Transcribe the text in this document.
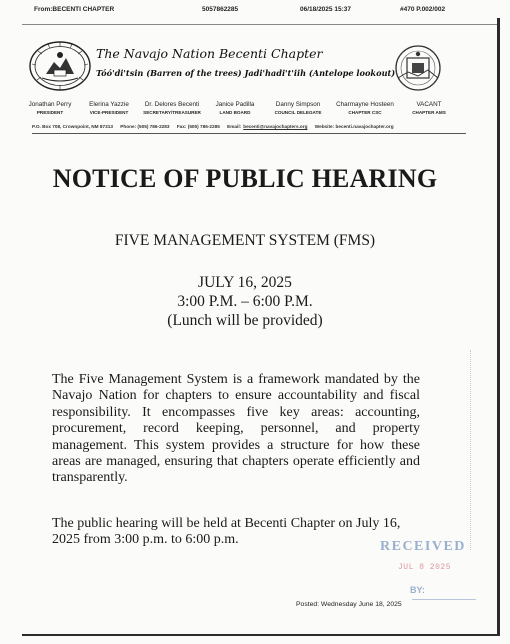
From:BECENTI CHAPTER	5057862285	06/18/2025 15:37	#470 P.002/002
The Navajo Nation Becenti Chapter
Tóó'di'tsin (Barren of the trees) Jadi'hadi't'iih (Antelope lookout)
Jonathan Perry
PRESIDENT
Elerina Yazzie
VICE-PRESIDENT
Dr. Delores Becenti
SECRETARY/TREASURER
Janice Padilla
LAND BOARD
Danny Simpson
COUNCIL DELEGATE
Charmayne Hosteen
CHAPTER CSC
VACANT
CHAPTER AMS
P.O. Box 708, Crownpoint, NM 87313 Phone: (505) 786-2283 Fax: (505) 786-2285 Email: becenti@navajochapters.org Website: becenti.navajochapter.org
NOTICE OF PUBLIC HEARING
FIVE MANAGEMENT SYSTEM (FMS)
JULY 16, 2025
3:00 P.M. – 6:00 P.M.
(Lunch will be provided)
The Five Management System is a framework mandated by the Navajo Nation for chapters to ensure accountability and fiscal responsibility. It encompasses five key areas: accounting, procurement, record keeping, personnel, and property management. This system provides a structure for how these areas are managed, ensuring that chapters operate efficiently and transparently.
The public hearing will be held at Becenti Chapter on July 16, 2025 from 3:00 p.m. to 6:00 p.m.	RECEIVED
JUL 8 2025
BY:
Posted: Wednesday June 18, 2025
